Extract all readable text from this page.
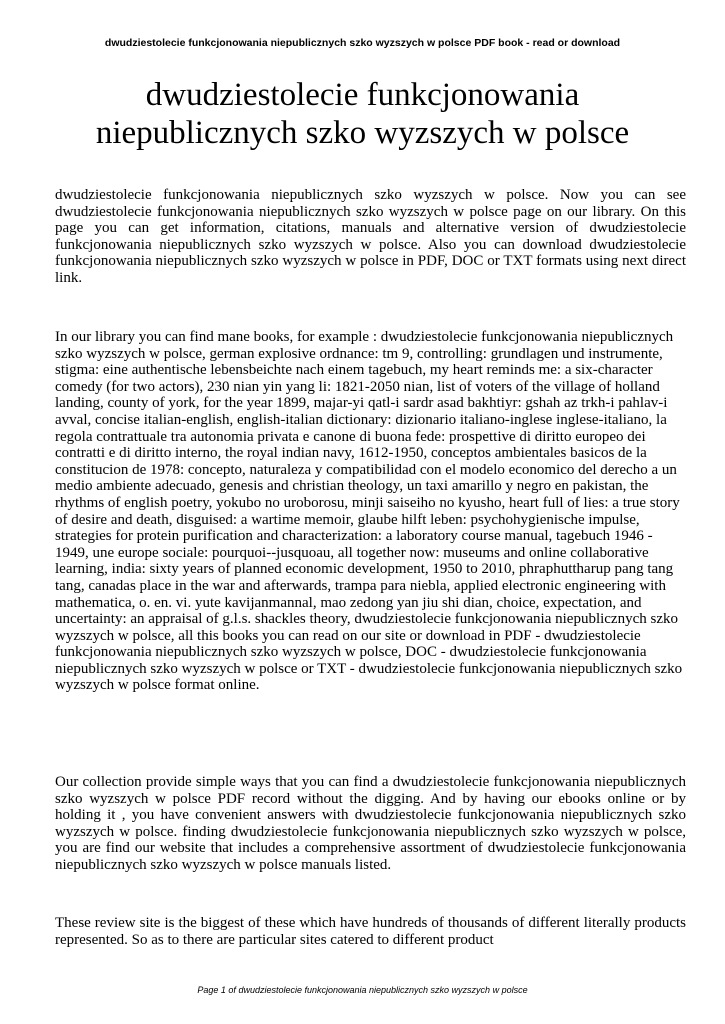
dwudziestolecie funkcjonowania niepublicznych szko wyzszych w polsce PDF book - read or download
dwudziestolecie funkcjonowania
niepublicznych szko wyzszych w polsce

dwudziestolecie funkcjonowania niepublicznych szko wyzszych w polsce. Now you can see dwudziestolecie funkcjonowania niepublicznych szko wyzszych w polsce page on our library. On this page you can get information, citations, manuals and alternative version of dwudziestolecie funkcjonowania niepublicznych szko wyzszych w polsce. Also you can download dwudziestolecie funkcjonowania niepublicznych szko wyzszych w polsce in PDF, DOC or TXT formats using next direct link.

In our library you can find mane books, for example : dwudziestolecie funkcjonowania niepublicznych szko wyzszych w polsce, german explosive ordnance: tm 9, controlling: grundlagen und instrumente, stigma: eine authentische lebensbeichte nach einem tagebuch, my heart reminds me: a six-character comedy (for two actors), 230 nian yin yang li: 1821-2050 nian, list of voters of the village of holland landing, county of york, for the year 1899, majar-yi qatl-i sardr asad bakhtiyr: gshah az trkh-i pahlav-i avval, concise italian-english, english-italian dictionary: dizionario italiano-inglese inglese-italiano, la regola contrattuale tra autonomia privata e canone di buona fede: prospettive di diritto europeo dei contratti e di diritto interno, the royal indian navy, 1612-1950, conceptos ambientales basicos de la constitucion de 1978: concepto, naturaleza y compatibilidad con el modelo economico del derecho a un medio ambiente adecuado, genesis and christian theology, un taxi amarillo y negro en pakistan, the rhythms of english poetry, yokubo no uroborosu, minji saiseiho no kyusho, heart full of lies: a true story of desire and death, disguised: a wartime memoir, glaube hilft leben: psychohygienische impulse, strategies for protein purification and characterization: a laboratory course manual, tagebuch 1946 - 1949, une europe sociale: pourquoi--jusquoau, all together now: museums and online collaborative learning, india: sixty years of planned economic development, 1950 to 2010, phraphuttharup pang tang tang, canadas place in the war and afterwards, trampa para niebla, applied electronic engineering with mathematica, o. en. vi. yute kavijanmannal, mao zedong yan jiu shi dian, choice, expectation, and uncertainty: an appraisal of g.l.s. shackles theory, dwudziestolecie funkcjonowania niepublicznych szko wyzszych w polsce, all this books you can read on our site or download in PDF - dwudziestolecie funkcjonowania niepublicznych szko wyzszych w polsce, DOC - dwudziestolecie funkcjonowania niepublicznych szko wyzszych w polsce or TXT - dwudziestolecie funkcjonowania niepublicznych szko wyzszych w polsce format online.

Our collection provide simple ways that you can find a dwudziestolecie funkcjonowania niepublicznych szko wyzszych w polsce PDF record without the digging. And by having our ebooks online or by holding it , you have convenient answers with dwudziestolecie funkcjonowania niepublicznych szko wyzszych w polsce. finding dwudziestolecie funkcjonowania niepublicznych szko wyzszych w polsce, you are find our website that includes a comprehensive assortment of dwudziestolecie funkcjonowania niepublicznych szko wyzszych w polsce manuals listed.

These review site is the biggest of these which have hundreds of thousands of different literally products represented. So as to there are particular sites catered to different product

Page 1 of dwudziestolecie funkcjonowania niepublicznych szko wyzszych w polsce
